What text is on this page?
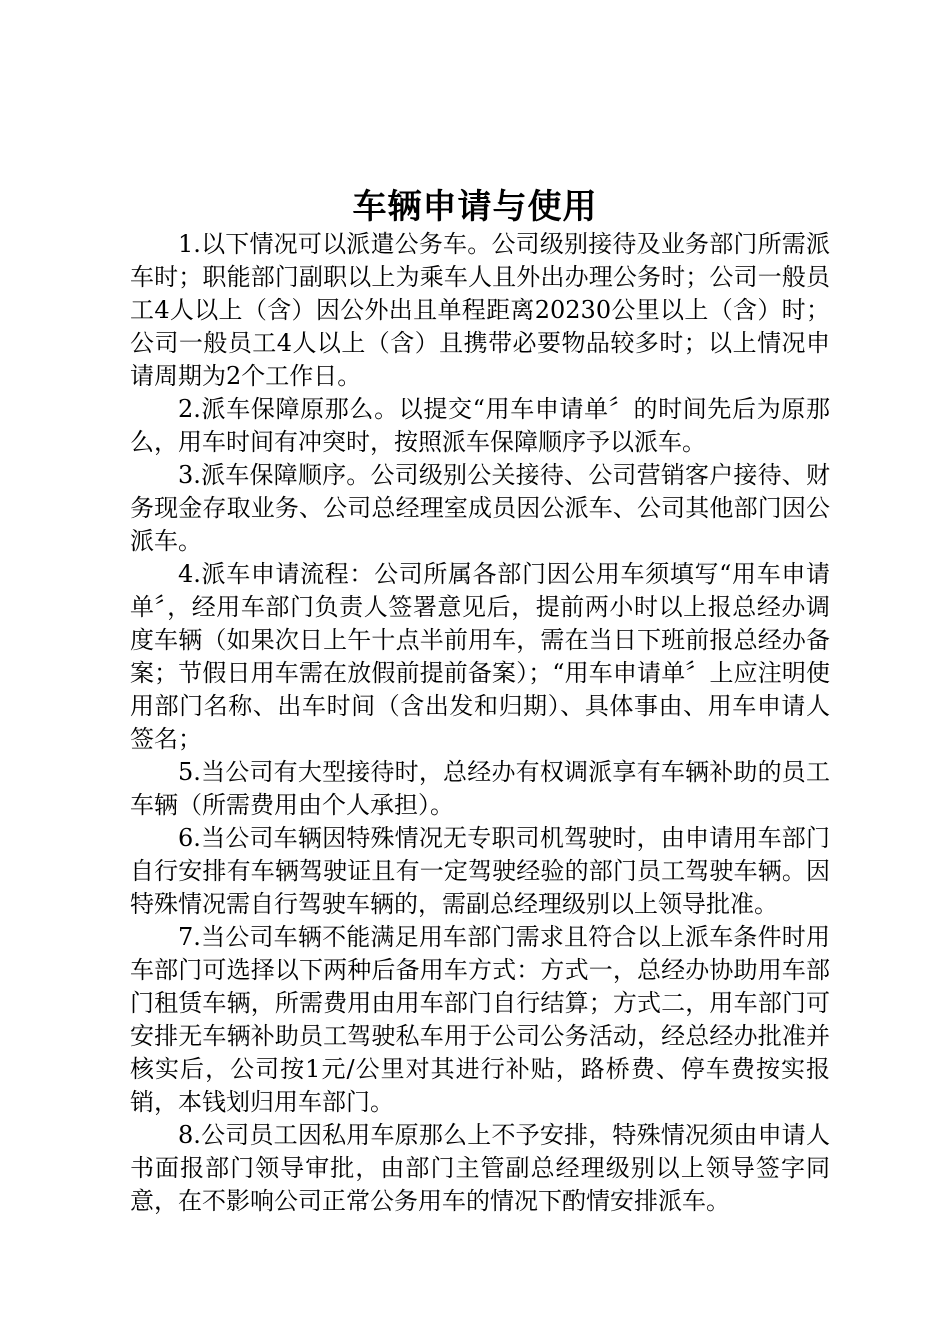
车辆申请与使用

1.以下情况可以派遣公务车。公司级别接待及业务部门所需派车时；职能部门副职以上为乘车人且外出办理公务时；公司一般员工4人以上（含）因公外出且单程距离20230公里以上（含）时；公司一般员工4人以上（含）且携带必要物品较多时；以上情况申请周期为2个工作日。

2.派车保障原那么。以提交“用车申请单〞的时间先后为原那么，用车时间有冲突时，按照派车保障顺序予以派车。

3.派车保障顺序。公司级别公关接待、公司营销客户接待、财务现金存取业务、公司总经理室成员因公派车、公司其他部门因公派车。

4.派车申请流程：公司所属各部门因公用车须填写“用车申请单〞，经用车部门负责人签署意见后，提前两小时以上报总经办调度车辆（如果次日上午十点半前用车，需在当日下班前报总经办备案；节假日用车需在放假前提前备案）；“用车申请单〞上应注明使用部门名称、出车时间（含出发和归期）、具体事由、用车申请人签名；

5.当公司有大型接待时，总经办有权调派享有车辆补助的员工车辆（所需费用由个人承担）。

6.当公司车辆因特殊情况无专职司机驾驶时，由申请用车部门自行安排有车辆驾驶证且有一定驾驶经验的部门员工驾驶车辆。因特殊情况需自行驾驶车辆的，需副总经理级别以上领导批准。

7.当公司车辆不能满足用车部门需求且符合以上派车条件时用车部门可选择以下两种后备用车方式：方式一，总经办协助用车部门租赁车辆，所需费用由用车部门自行结算；方式二，用车部门可安排无车辆补助员工驾驶私车用于公司公务活动，经总经办批准并核实后，公司按1元/公里对其进行补贴，路桥费、停车费按实报销，本钱划归用车部门。

8.公司员工因私用车原那么上不予安排，特殊情况须由申请人书面报部门领导审批，由部门主管副总经理级别以上领导签字同意，在不影响公司正常公务用车的情况下酌情安排派车。
